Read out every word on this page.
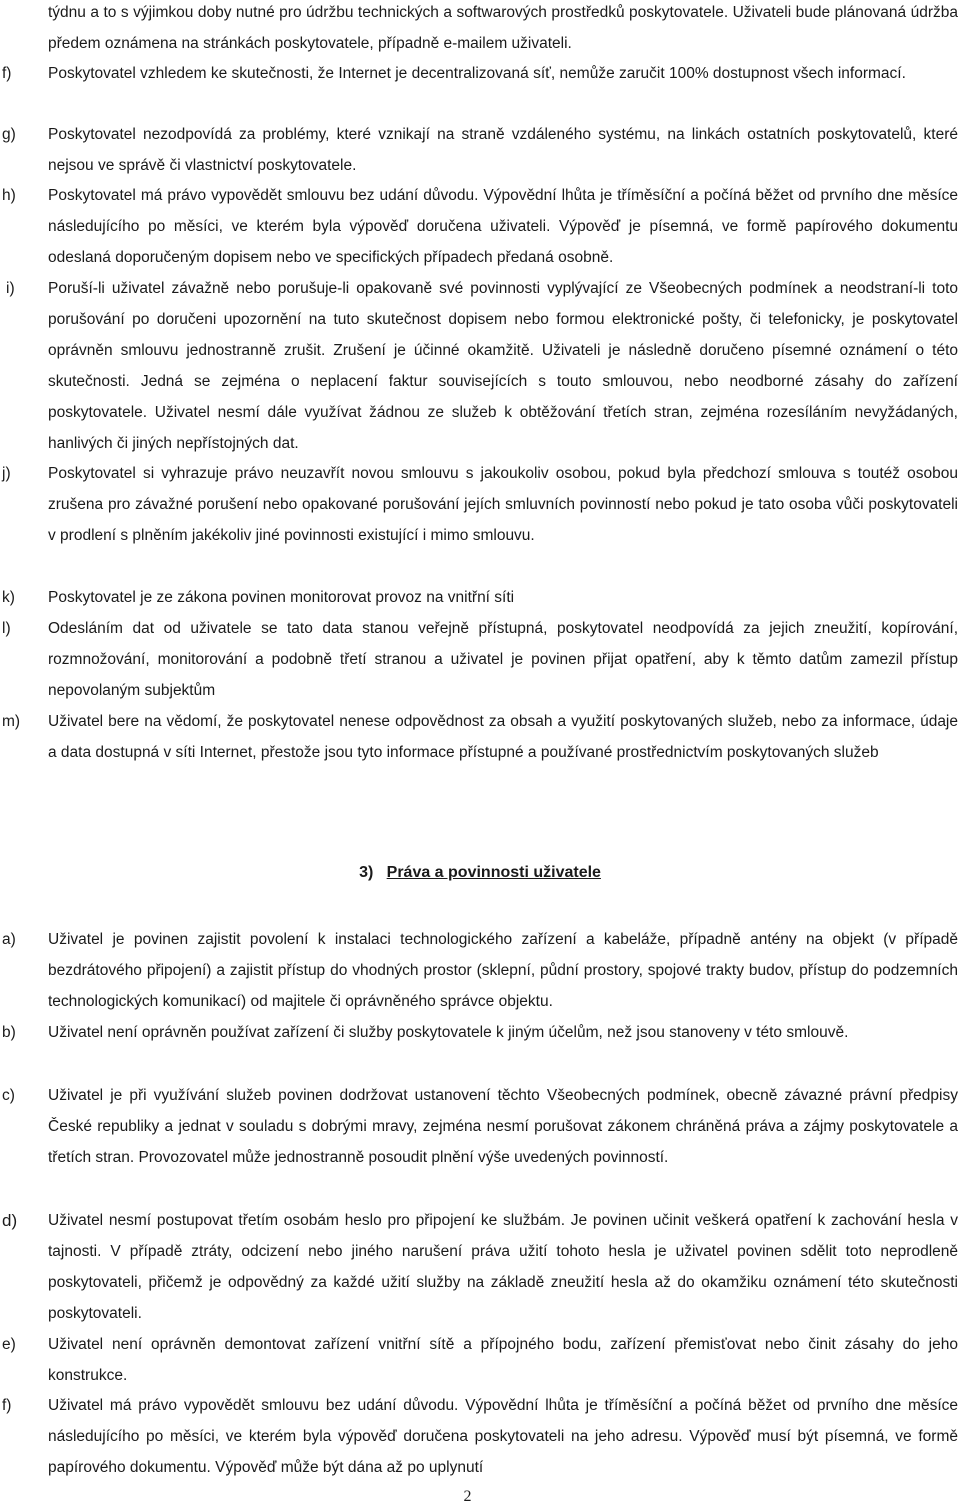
týdnu a to s výjimkou doby nutné pro údržbu technických a softwarových prostředků poskytovatele. Uživateli bude plánovaná údržba předem oznámena na stránkách poskytovatele, případně e-mailem uživateli.
f) Poskytovatel vzhledem ke skutečnosti, že Internet je decentralizovaná síť, nemůže zaručit 100% dostupnost všech informací.
g) Poskytovatel nezodpovídá za problémy, které vznikají na straně vzdáleného systému, na linkách ostatních poskytovatelů, které nejsou ve správě či vlastnictví poskytovatele.
h) Poskytovatel má právo vypovědět smlouvu bez udání důvodu. Výpovědní lhůta je tříměsíční a počíná běžet od prvního dne měsíce následujícího po měsíci, ve kterém byla výpověď doručena uživateli. Výpověď je písemná, ve formě papírového dokumentu odeslaná doporučeným dopisem nebo ve specifických případech předaná osobně.
i) Poruší-li uživatel závažně nebo porušuje-li opakovaně své povinnosti vyplývající ze Všeobecných podmínek a neodstraní-li toto porušování po doručeni upozornění na tuto skutečnost dopisem nebo formou elektronické pošty, či telefonicky, je poskytovatel oprávněn smlouvu jednostranně zrušit. Zrušení je účinné okamžitě. Uživateli je následně doručeno písemné oznámení o této skutečnosti. Jedná se zejména o neplacení faktur souvisejících s touto smlouvou, nebo neodborné zásahy do zařízení poskytovatele. Uživatel nesmí dále využívat žádnou ze služeb k obtěžování třetích stran, zejména rozesíláním nevyžádaných, hanlivých či jiných nepřístojných dat.
j) Poskytovatel si vyhrazuje právo neuzavřít novou smlouvu s jakoukoliv osobou, pokud byla předchozí smlouva s toutéž osobou zrušena pro závažné porušení nebo opakované porušování jejích smluvních povinností nebo pokud je tato osoba vůči poskytovateli v prodlení s plněním jakékoliv jiné povinnosti existující i mimo smlouvu.
k) Poskytovatel je ze zákona povinen monitorovat provoz na vnitřní síti
l) Odesláním dat od uživatele se tato data stanou veřejně přístupná, poskytovatel neodpovídá za jejich zneužití, kopírování, rozmnožování, monitorování a podobně třetí stranou a uživatel je povinen přijat opatření, aby k těmto datům zamezil přístup nepovolaným subjektům
m) Uživatel bere na vědomí, že poskytovatel nenese odpovědnost za obsah a využití poskytovaných služeb, nebo za informace, údaje a data dostupná v síti Internet, přestože jsou tyto informace přístupné a používané prostřednictvím poskytovaných služeb
3) Práva a povinnosti uživatele
a) Uživatel je povinen zajistit povolení k instalaci technologického zařízení a kabeláže, případně antény na objekt (v případě bezdrátového připojení) a zajistit přístup do vhodných prostor (sklepní, půdní prostory, spojové trakty budov, přístup do podzemních technologických komunikací) od majitele či oprávněného správce objektu.
b) Uživatel není oprávněn používat zařízení či služby poskytovatele k jiným účelům, než jsou stanoveny v této smlouvě.
c) Uživatel je při využívání služeb povinen dodržovat ustanovení těchto Všeobecných podmínek, obecně závazné právní předpisy České republiky a jednat v souladu s dobrými mravy, zejména nesmí porušovat zákonem chráněná práva a zájmy poskytovatele a třetích stran. Provozovatel může jednostranně posoudit plnění výše uvedených povinností.
d) Uživatel nesmí postupovat třetím osobám heslo pro připojení ke službám. Je povinen učinit veškerá opatření k zachování hesla v tajnosti. V případě ztráty, odcizení nebo jiného narušení práva užití tohoto hesla je uživatel povinen sdělit toto neprodleně poskytovateli, přičemž je odpovědný za každé užití služby na základě zneužití hesla až do okamžiku oznámení této skutečnosti poskytovateli.
e) Uživatel není oprávněn demontovat zařízení vnitřní sítě a přípojného bodu, zařízení přemisťovat nebo činit zásahy do jeho konstrukce.
f) Uživatel má právo vypovědět smlouvu bez udání důvodu. Výpovědní lhůta je tříměsíční a počíná běžet od prvního dne měsíce následujícího po měsíci, ve kterém byla výpověď doručena poskytovateli na jeho adresu. Výpověď musí být písemná, ve formě papírového dokumentu. Výpověď může být dána až po uplynutí
2
